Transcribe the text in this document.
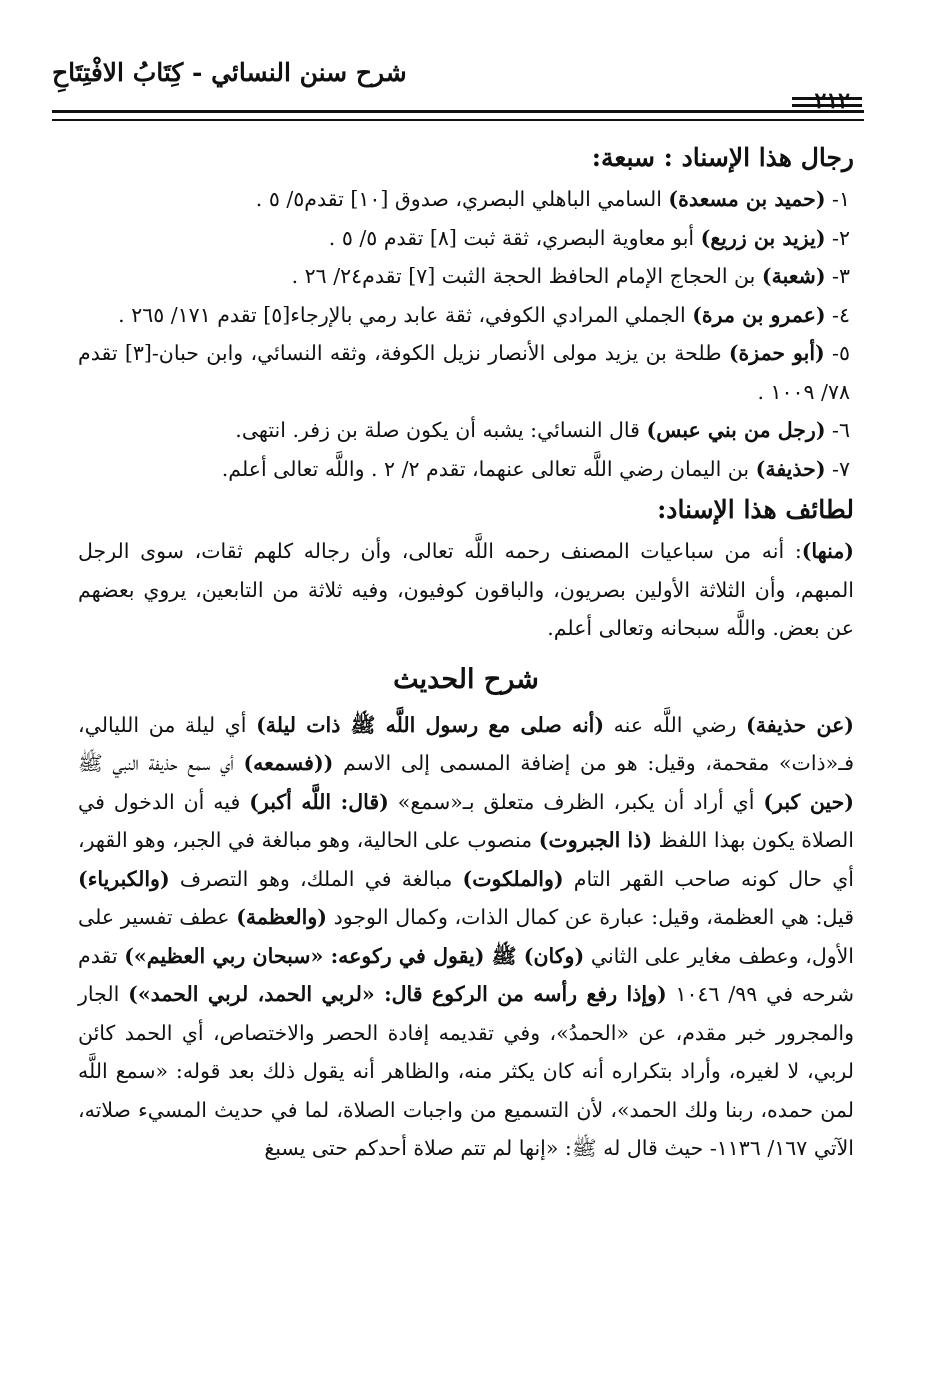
شرح سنن النسائي - كِتَابُ الافْتِتَاحِ
٢١٢
رجال هذا الإسناد : سبعة:

١- (حميد بن مسعدة) السامي الباهلي البصري، صدوق [١٠] تقدم٥/ ٥ .

٢- (يزيد بن زريع) أبو معاوية البصري، ثقة ثبت [٨] تقدم ٥/ ٥ .

٣- (شعبة) بن الحجاج الإمام الحافظ الحجة الثبت [٧] تقدم٢٤/ ٢٦ .

٤- (عمرو بن مرة) الجملي المرادي الكوفي، ثقة عابد رمي بالإرجاء[٥] تقدم ١٧١/ ٢٦٥ .

٥- (أبو حمزة) طلحة بن يزيد مولى الأنصار نزيل الكوفة، وثقه النسائي، وابن حبان-[٣] تقدم ٧٨/ ١٠٠٩ .

٦- (رجل من بني عبس) قال النسائي: يشبه أن يكون صلة بن زفر. انتهى.

٧- (حذيفة) بن اليمان رضي اللَّه تعالى عنهما، تقدم ٢/ ٢ . واللَّه تعالى أعلم.

لطائف هذا الإسناد:

(منها): أنه من سباعيات المصنف رحمه اللَّه تعالى، وأن رجاله كلهم ثقات، سوى الرجل المبهم، وأن الثلاثة الأولين بصريون، والباقون كوفيون، وفيه ثلاثة من التابعين، يروي بعضهم عن بعض. واللَّه سبحانه وتعالى أعلم.

شرح الحديث

(عن حذيفة) رضي اللَّه عنه (أنه صلى مع رسول اللَّه ﷺ ذات ليلة) أي ليلة من الليالي، فـ«ذات» مقحمة، وقيل: هو من إضافة المسمى إلى الاسم ((فسمعه) أي سمع حذيفة النبي ﷺ (حين كبر) أي أراد أن يكبر، الظرف متعلق بـ«سمع» (قال: اللَّه أكبر) فيه أن الدخول في الصلاة يكون بهذا اللفظ (ذا الجبروت) منصوب على الحالية، وهو مبالغة في الجبر، وهو القهر، أي حال كونه صاحب القهر التام (والملكوت) مبالغة في الملك، وهو التصرف (والكبرياء) قيل: هي العظمة، وقيل: عبارة عن كمال الذات، وكمال الوجود (والعظمة) عطف تفسير على الأول، وعطف مغاير على الثاني (وكان) ﷺ (يقول في ركوعه: «سبحان ربي العظيم») تقدم شرحه في ٩٩/ ١٠٤٦ (وإذا رفع رأسه من الركوع قال: «لربي الحمد، لربي الحمد») الجار والمجرور خبر مقدم، عن «الحمدُ»، وفي تقديمه إفادة الحصر والاختصاص، أي الحمد كائن لربي، لا لغيره، وأراد بتكراره أنه كان يكثر منه، والظاهر أنه يقول ذلك بعد قوله: «سمع اللَّه لمن حمده، ربنا ولك الحمد»، لأن التسميع من واجبات الصلاة، لما في حديث المسيء صلاته، الآتي ١٦٧/ ١١٣٦- حيث قال له ﷺ: «إنها لم تتم صلاة أحدكم حتى يسبغ
